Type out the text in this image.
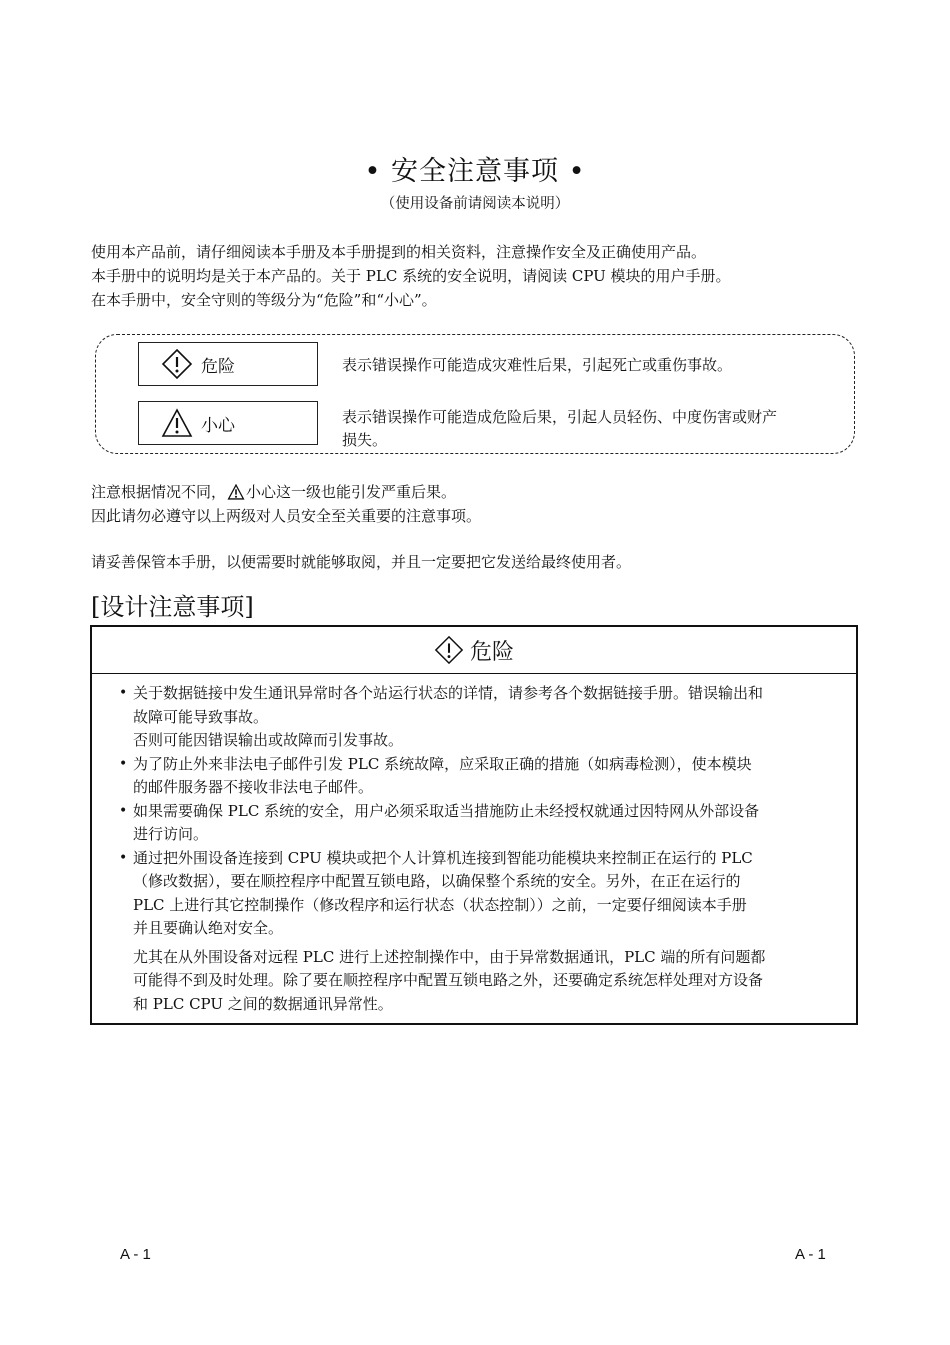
• 安全注意事项 •
（使用设备前请阅读本说明）
使用本产品前，请仔细阅读本手册及本手册提到的相关资料，注意操作安全及正确使用产品。
本手册中的说明均是关于本产品的。关于 PLC 系统的安全说明，请阅读 CPU 模块的用户手册。
在本手册中，安全守则的等级分为“危险”和“小心”。
危险	表示错误操作可能造成灾难性后果，引起死亡或重伤事故。
小心	表示错误操作可能造成危险后果，引起人员轻伤、中度伤害或财产
损失。
注意根据情况不同， 小心这一级也能引发严重后果。
因此请勿必遵守以上两级对人员安全至关重要的注意事项。
请妥善保管本手册，以便需要时就能够取阅，并且一定要把它发送给最终使用者。
[设计注意事项]
危险
• 关于数据链接中发生通讯异常时各个站运行状态的详情，请参考各个数据链接手册。错误输出和
故障可能导致事故。
否则可能因错误输出或故障而引发事故。
• 为了防止外来非法电子邮件引发 PLC 系统故障，应采取正确的措施（如病毒检测），使本模块
的邮件服务器不接收非法电子邮件。
• 如果需要确保 PLC 系统的安全，用户必须采取适当措施防止未经授权就通过因特网从外部设备
进行访问。
• 通过把外围设备连接到 CPU 模块或把个人计算机连接到智能功能模块来控制正在运行的 PLC
（修改数据），要在顺控程序中配置互锁电路，以确保整个系统的安全。另外，在正在运行的
PLC 上进行其它控制操作（修改程序和运行状态（状态控制））之前，一定要仔细阅读本手册
并且要确认绝对安全。
尤其在从外围设备对远程 PLC 进行上述控制操作中，由于异常数据通讯，PLC 端的所有问题都
可能得不到及时处理。除了要在顺控程序中配置互锁电路之外，还要确定系统怎样处理对方设备
和 PLC CPU 之间的数据通讯异常性。
A - 1	A - 1
